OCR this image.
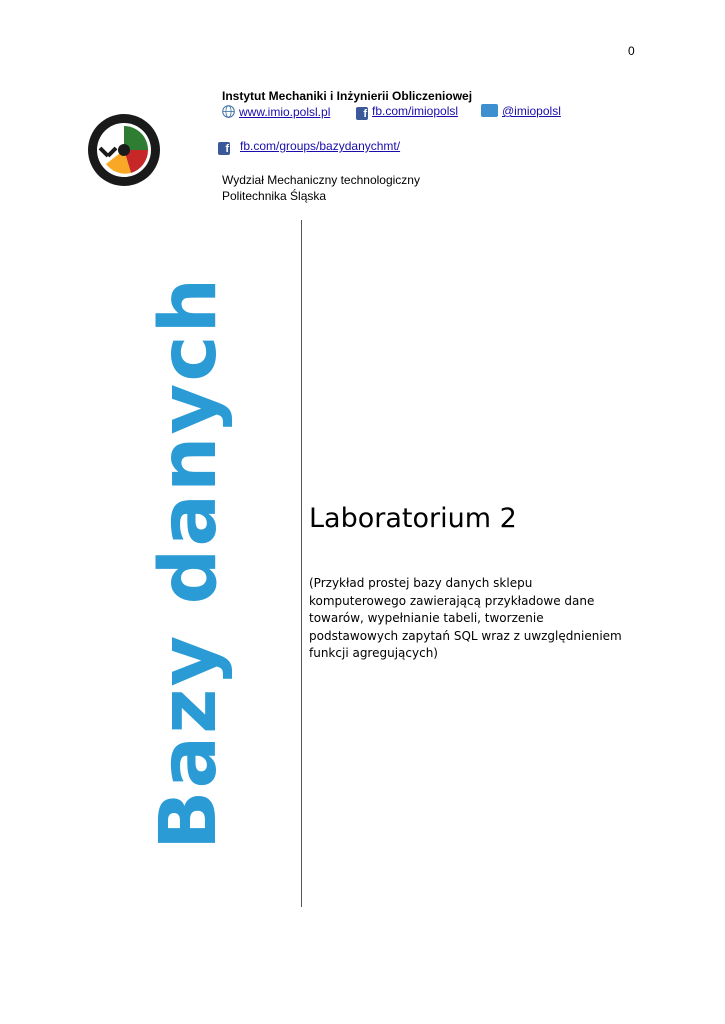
0
Instytut Mechaniki i Inżynierii Obliczeniowej
www.imio.polsl.pl	f fb.com/imiopolsl	@imiopolsl
f fb.com/groups/bazydanychmt/
Wydział Mechaniczny technologiczny
Politechnika Śląska
Bazy danych	Laboratorium 2
(Przykład prostej bazy danych sklepu komputerowego zawierającą przykładowe dane towarów, wypełnianie tabeli, tworzenie podstawowych zapytań SQL wraz z uwzględnieniem funkcji agregujących)
